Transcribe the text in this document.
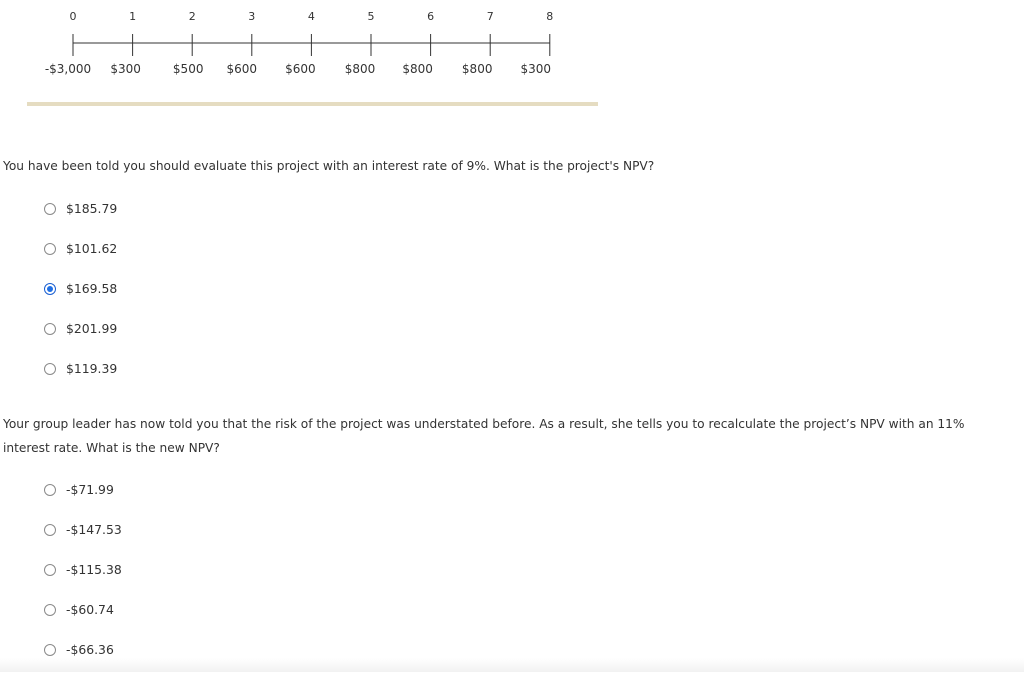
0	1	2	3	4	5	6	7	8
-$3,000 $300	$500 $600 $600 $800 $800 $800 $300

You have been told you should evaluate this project with an interest rate of 9%. What is the project's NPV?

$185.79
$101.62
$169.58
$201.99
$119.39

Your group leader has now told you that the risk of the project was understated before. As a result, she tells you to recalculate the project’s NPV with an 11% interest rate. What is the new NPV?

-$71.99
-$147.53
-$115.38
-$60.74
-$66.36
